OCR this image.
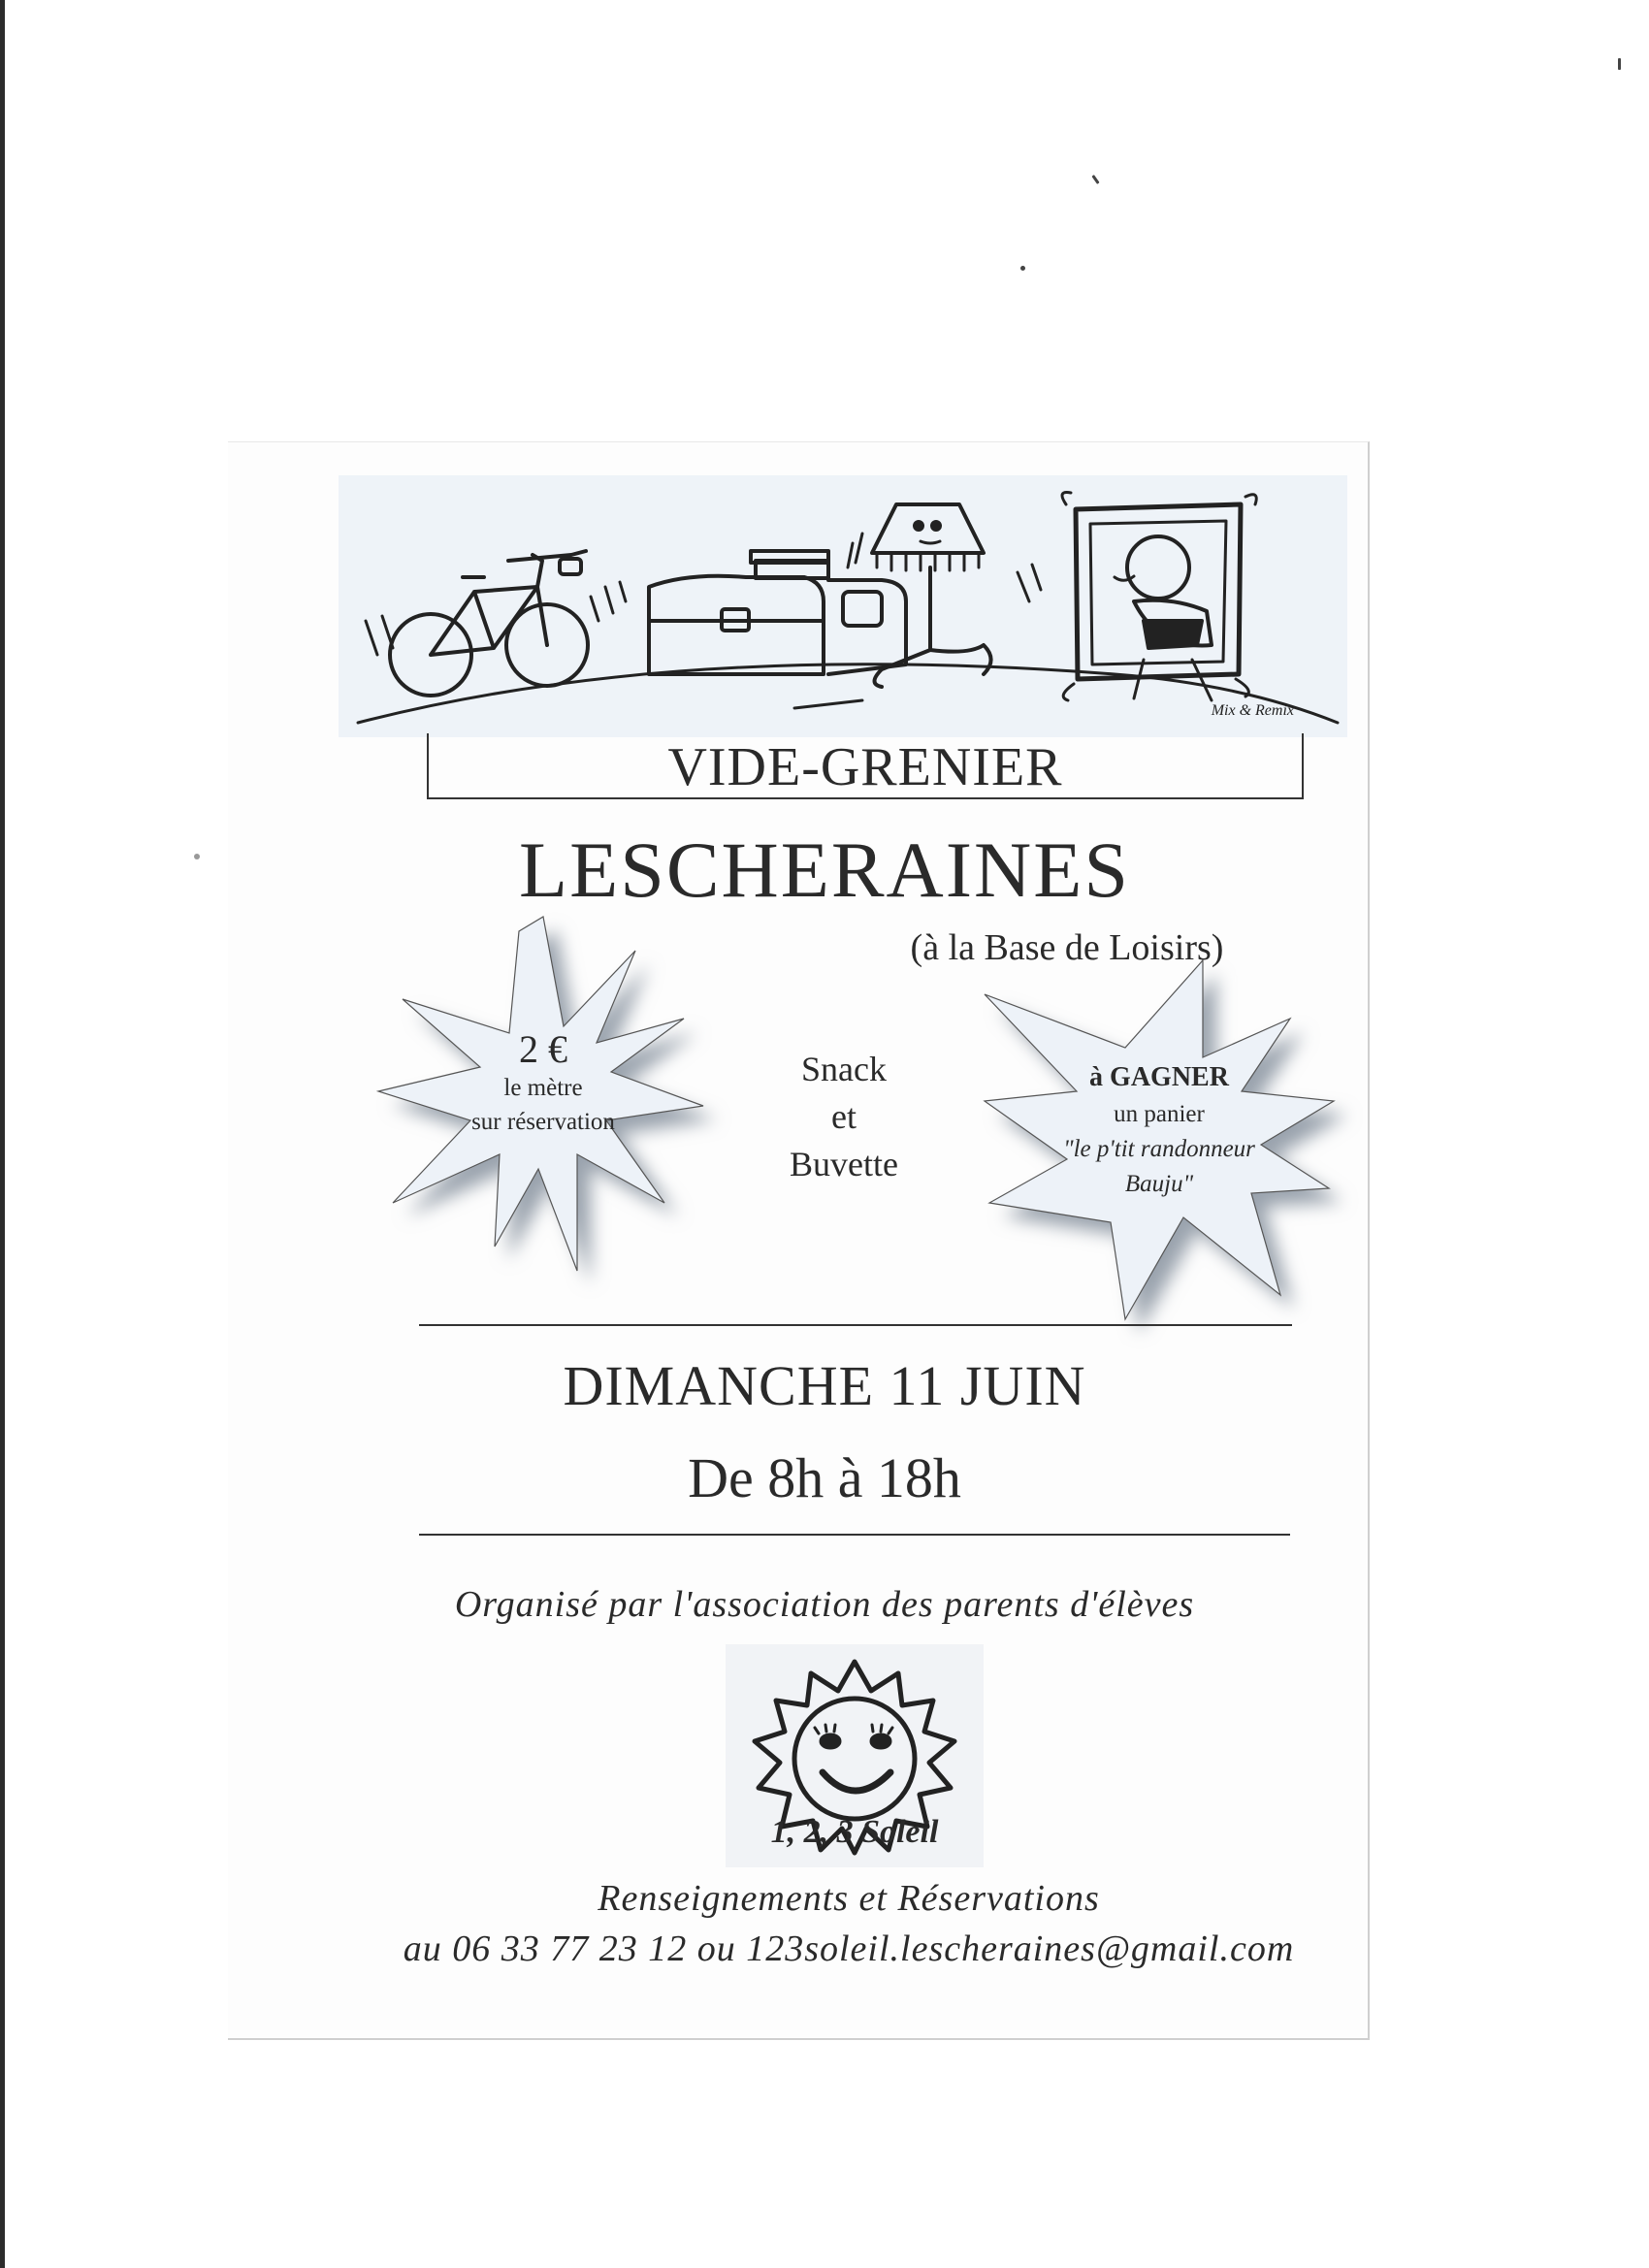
Mix & Remix
VIDE-GRENIER
LESCHERAINES
(à la Base de Loisirs)
2 €
le mètre
sur réservation
Snack
et
Buvette
à GAGNER
un panier
"le p'tit randonneur
Bauju"
DIMANCHE 11 JUIN
De 8h à 18h
Organisé par l'association des parents d'élèves
1, 2, 3 Soleil
Renseignements et Réservations
au 06 33 77 23 12 ou 123soleil.lescheraines@gmail.com
